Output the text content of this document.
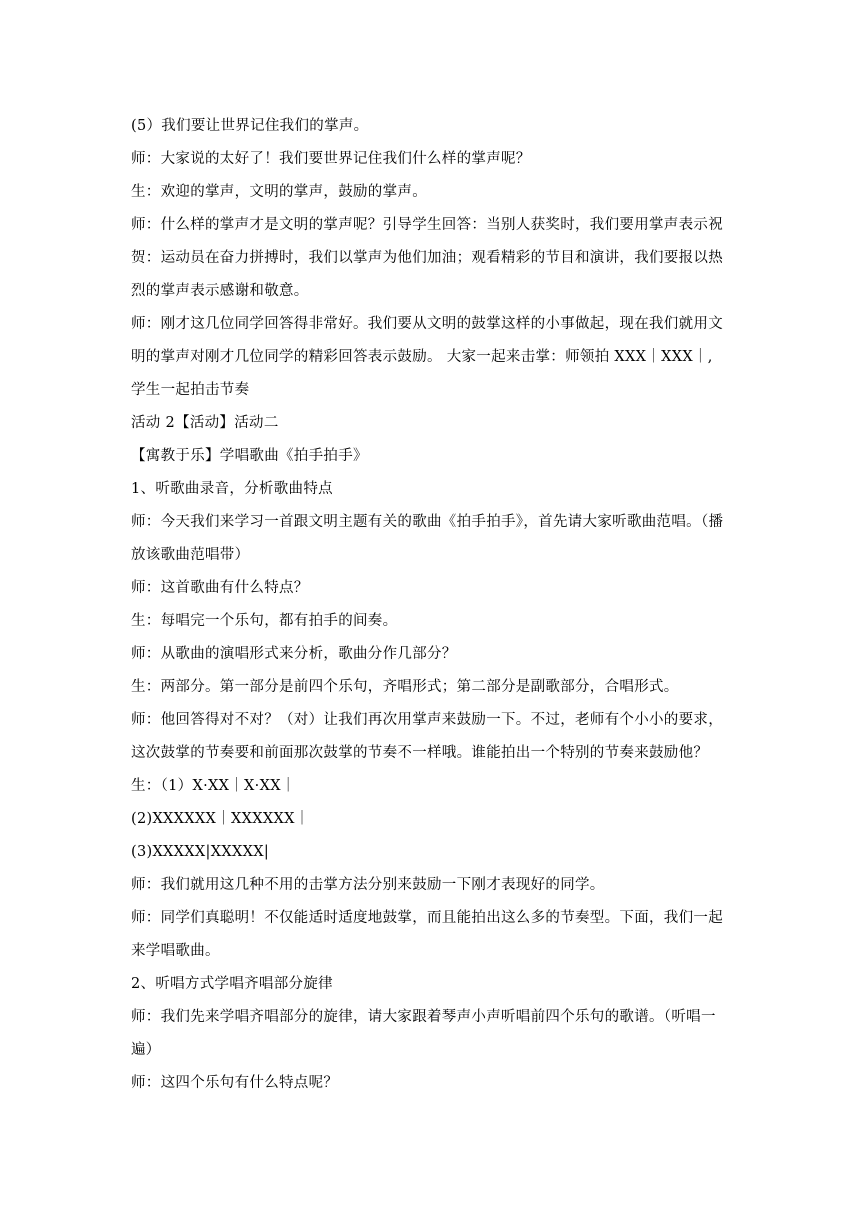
(5）我们要让世界记住我们的掌声。
师：大家说的太好了！我们要世界记住我们什么样的掌声呢？
生：欢迎的掌声，文明的掌声，鼓励的掌声。
师：什么样的掌声才是文明的掌声呢？引导学生回答：当别人获奖时，我们要用掌声表示祝
贺：运动员在奋力拼搏时，我们以掌声为他们加油；观看精彩的节目和演讲，我们要报以热
烈的掌声表示感谢和敬意。
师：刚才这几位同学回答得非常好。我们要从文明的鼓掌这样的小事做起，现在我们就用文
明的掌声对刚才几位同学的精彩回答表示鼓励。 大家一起来击掌：师领拍 XXX｜XXX｜,
学生一起拍击节奏
活动 2【活动】活动二
【寓教于乐】学唱歌曲《拍手拍手》
1、听歌曲录音，分析歌曲特点
师：今天我们来学习一首跟文明主题有关的歌曲《拍手拍手》，首先请大家听歌曲范唱。（播
放该歌曲范唱带）
师：这首歌曲有什么特点？
生：每唱完一个乐句，都有拍手的间奏。
师：从歌曲的演唱形式来分析，歌曲分作几部分？
生：两部分。第一部分是前四个乐句，齐唱形式；第二部分是副歌部分，合唱形式。
师：他回答得对不对？（对）让我们再次用掌声来鼓励一下。不过，老师有个小小的要求，
这次鼓掌的节奏要和前面那次鼓掌的节奏不一样哦。谁能拍出一个特别的节奏来鼓励他？
生：（1）X·XX｜X·XX｜
(2)XXXXXX｜XXXXXX｜
(3)XXXXX|XXXXX|
师：我们就用这几种不用的击掌方法分别来鼓励一下刚才表现好的同学。
师：同学们真聪明！不仅能适时适度地鼓掌，而且能拍出这么多的节奏型。下面，我们一起
来学唱歌曲。
2、听唱方式学唱齐唱部分旋律
师：我们先来学唱齐唱部分的旋律，请大家跟着琴声小声听唱前四个乐句的歌谱。（听唱一
遍）
师：这四个乐句有什么特点呢？
